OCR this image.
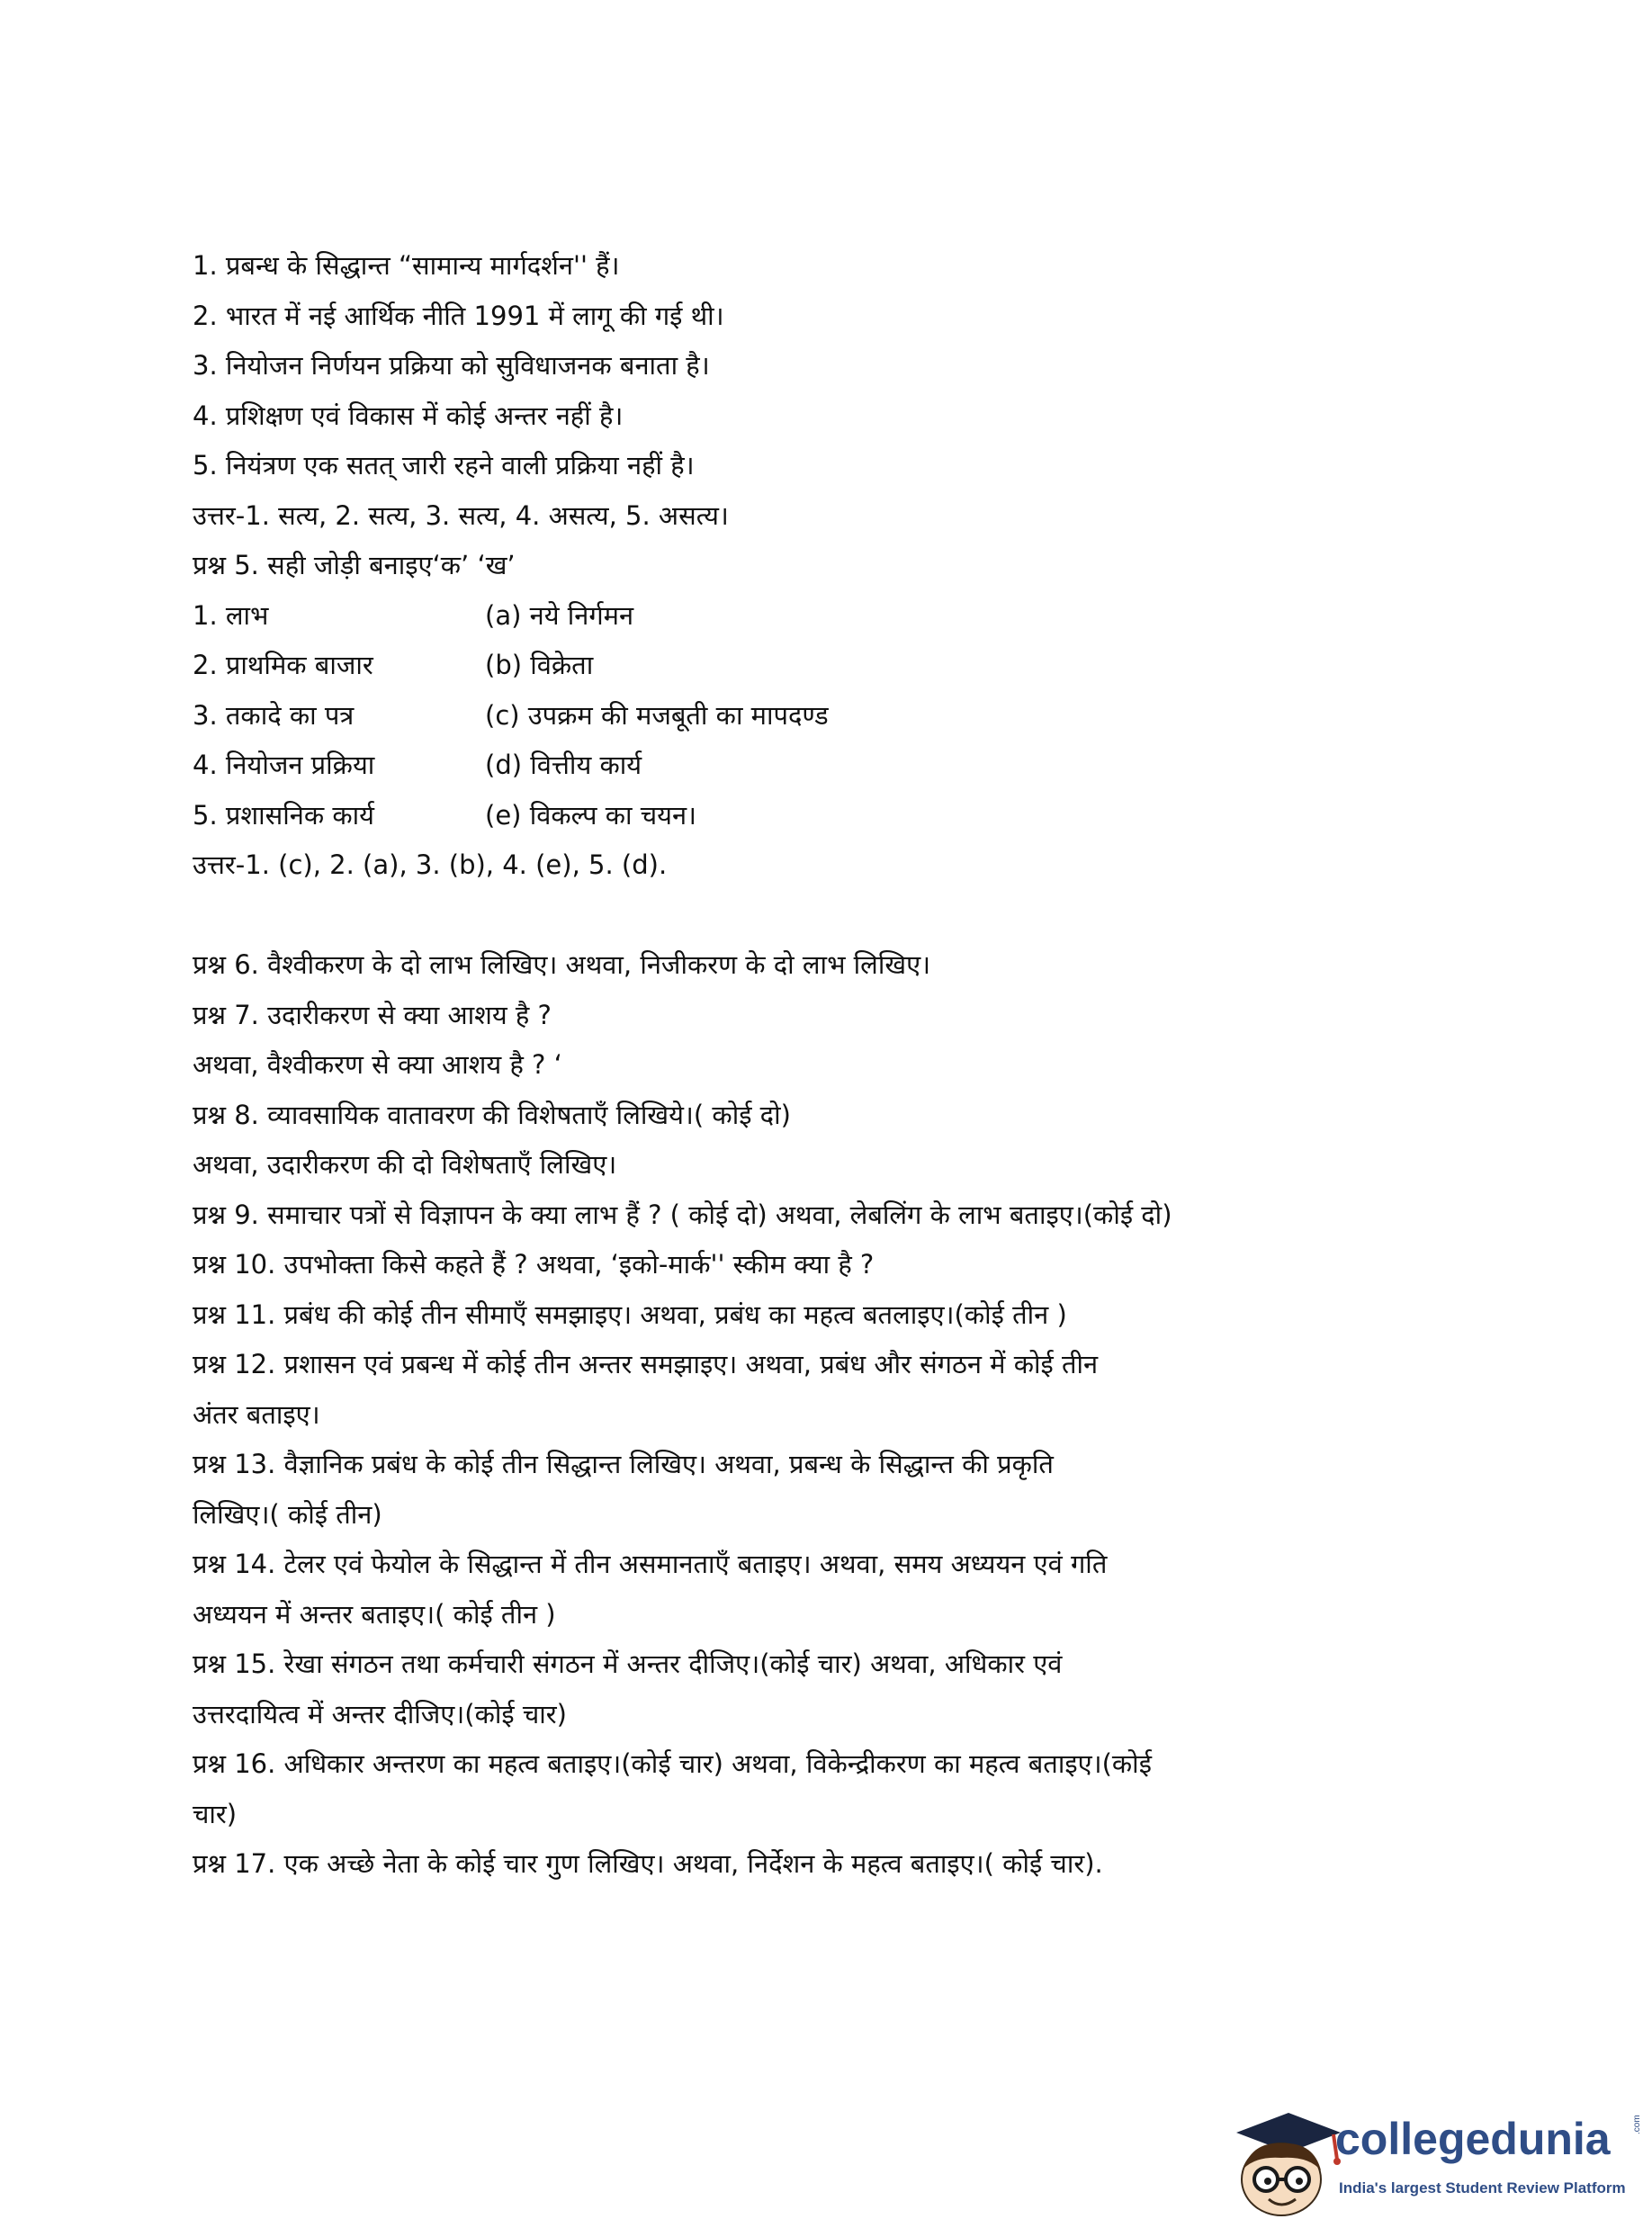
1. प्रबन्ध के सिद्धान्त “सामान्य मार्गदर्शन'' हैं।
2. भारत में नई आर्थिक नीति 1991 में लागू की गई थी।
3. नियोजन निर्णयन प्रक्रिया को सुविधाजनक बनाता है।
4. प्रशिक्षण एवं विकास में कोई अन्तर नहीं है।
5. नियंत्रण एक सतत् जारी रहने वाली प्रक्रिया नहीं है।
उत्तर-1. सत्य, 2. सत्य, 3. सत्य, 4. असत्य, 5. असत्य।
प्रश्न 5. सही जोड़ी बनाइए‘क’ ‘ख’
1. लाभ	(a) नये निर्गमन
2. प्राथमिक बाजार	(b) विक्रेता
3. तकादे का पत्र	(c) उपक्रम की मजबूती का मापदण्ड
4. नियोजन प्रक्रिया	(d) वित्तीय कार्य
5. प्रशासनिक कार्य	(e) विकल्प का चयन।
उत्तर-1. (c), 2. (a), 3. (b), 4. (e), 5. (d).
प्रश्न 6. वैश्वीकरण के दो लाभ लिखिए। अथवा, निजीकरण के दो लाभ लिखिए।
प्रश्न 7. उदारीकरण से क्या आशय है ?
अथवा, वैश्वीकरण से क्या आशय है ? ‘
प्रश्न 8. व्यावसायिक वातावरण की विशेषताएँ लिखिये।( कोई दो)
अथवा, उदारीकरण की दो विशेषताएँ लिखिए।
प्रश्न 9. समाचार पत्रों से विज्ञापन के क्या लाभ हैं ? ( कोई दो) अथवा, लेबलिंग के लाभ बताइए।(कोई दो)
प्रश्न 10. उपभोक्ता किसे कहते हैं ? अथवा, ‘इको-मार्क'' स्कीम क्या है ?
प्रश्न 11. प्रबंध की कोई तीन सीमाएँ समझाइए। अथवा, प्रबंध का महत्व बतलाइए।(कोई तीन )
प्रश्न 12. प्रशासन एवं प्रबन्ध में कोई तीन अन्तर समझाइए। अथवा, प्रबंध और संगठन में कोई तीन
अंतर बताइए।
प्रश्न 13. वैज्ञानिक प्रबंध के कोई तीन सिद्धान्त लिखिए। अथवा, प्रबन्ध के सिद्धान्त की प्रकृति
लिखिए।( कोई तीन)
प्रश्न 14. टेलर एवं फेयोल के सिद्धान्त में तीन असमानताएँ बताइए। अथवा, समय अध्ययन एवं गति
अध्ययन में अन्तर बताइए।( कोई तीन )
प्रश्न 15. रेखा संगठन तथा कर्मचारी संगठन में अन्तर दीजिए।(कोई चार) अथवा, अधिकार एवं
उत्तरदायित्व में अन्तर दीजिए।(कोई चार)
प्रश्न 16. अधिकार अन्तरण का महत्व बताइए।(कोई चार) अथवा, विकेन्द्रीकरण का महत्व बताइए।(कोई
चार)
प्रश्न 17. एक अच्छे नेता के कोई चार गुण लिखिए। अथवा, निर्देशन के महत्व बताइए।( कोई चार).
collegedunia .com
India's largest Student Review Platform
